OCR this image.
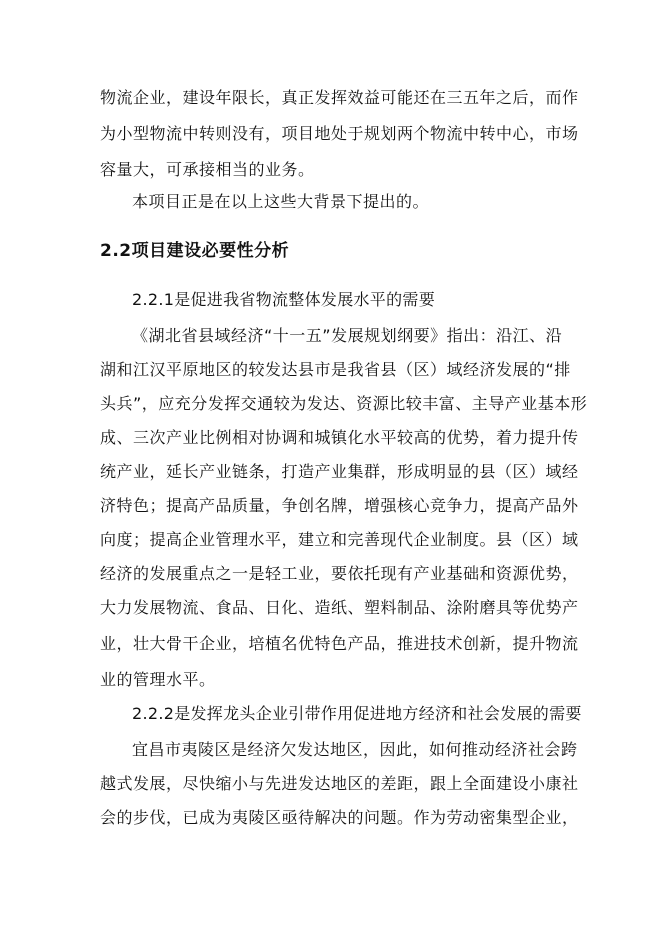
物流企业，建设年限长，真正发挥效益可能还在三五年之后，而作
为小型物流中转则没有，项目地处于规划两个物流中转中心，市场
容量大，可承接相当的业务。
本项目正是在以上这些大背景下提出的。
2.2项目建设必要性分析
2.2.1是促进我省物流整体发展水平的需要
《湖北省县域经济“十一五”发展规划纲要》指出：沿江、沿
湖和江汉平原地区的较发达县市是我省县（区）域经济发展的“排
头兵”，应充分发挥交通较为发达、资源比较丰富、主导产业基本形
成、三次产业比例相对协调和城镇化水平较高的优势，着力提升传
统产业，延长产业链条，打造产业集群，形成明显的县（区）域经
济特色；提高产品质量，争创名牌，增强核心竞争力，提高产品外
向度；提高企业管理水平，建立和完善现代企业制度。县（区）域
经济的发展重点之一是轻工业，要依托现有产业基础和资源优势，
大力发展物流、食品、日化、造纸、塑料制品、涂附磨具等优势产
业，壮大骨干企业，培植名优特色产品，推进技术创新，提升物流
业的管理水平。
2.2.2是发挥龙头企业引带作用促进地方经济和社会发展的需要
宜昌市夷陵区是经济欠发达地区，因此，如何推动经济社会跨
越式发展，尽快缩小与先进发达地区的差距，跟上全面建设小康社
会的步伐，已成为夷陵区亟待解决的问题。作为劳动密集型企业，
